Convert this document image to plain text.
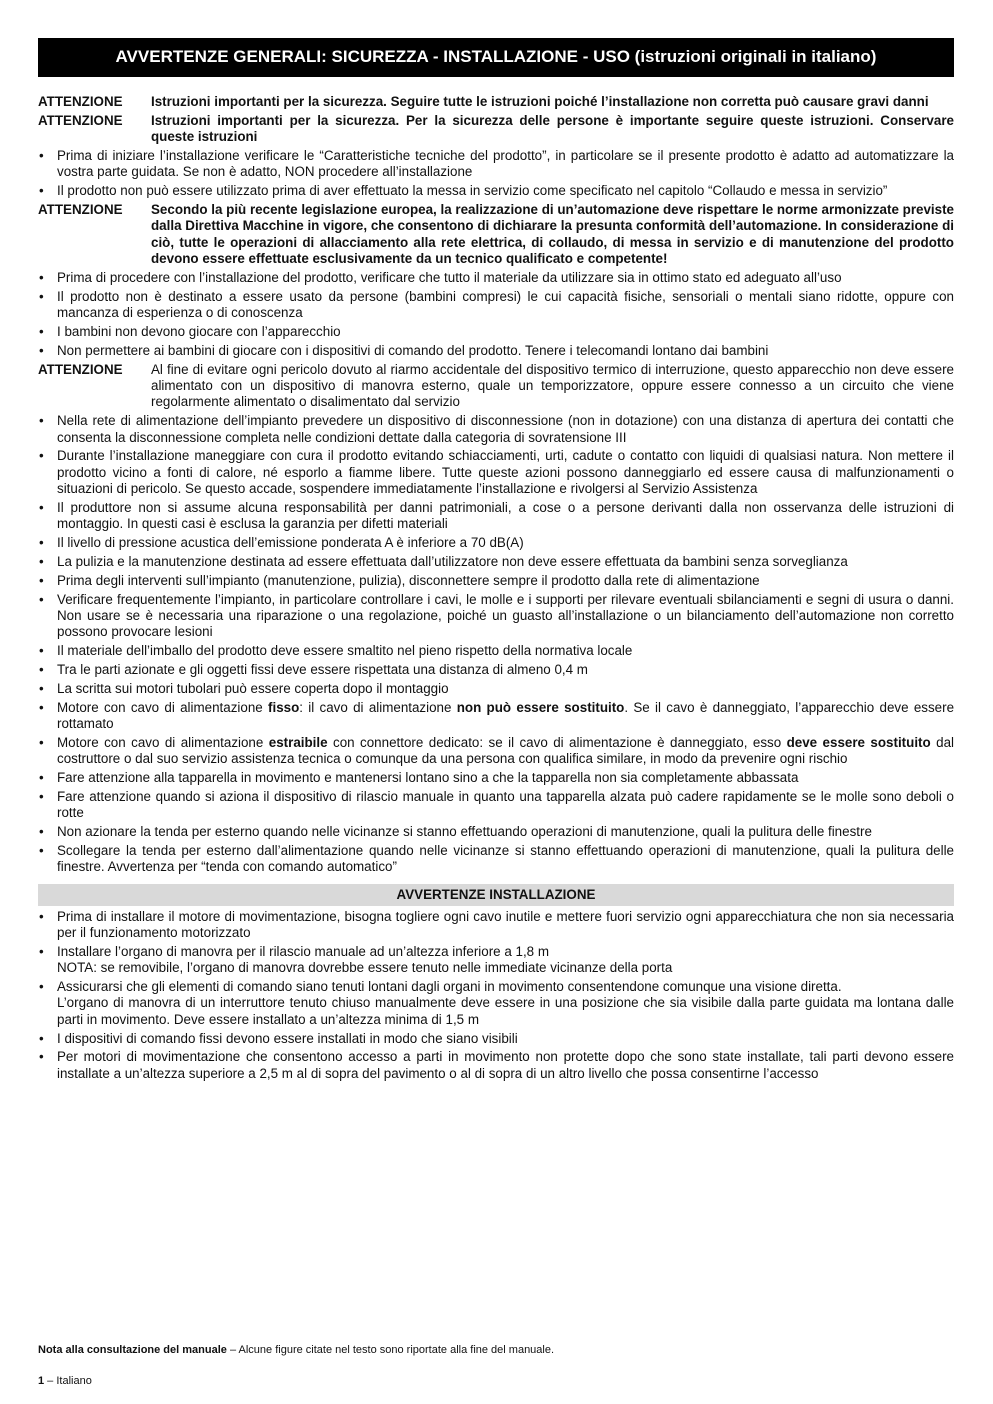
AVVERTENZE GENERALI: SICUREZZA - INSTALLAZIONE - USO (istruzioni originali in italiano)
ATTENZIONE	Istruzioni importanti per la sicurezza. Seguire tutte le istruzioni poiché l’installazione non corretta può causare gravi danni
ATTENZIONE	Istruzioni importanti per la sicurezza. Per la sicurezza delle persone è importante seguire queste istruzioni. Conservare queste istruzioni
• Prima di iniziare l’installazione verificare le “Caratteristiche tecniche del prodotto”, in particolare se il presente prodotto è adatto ad automatizzare la vostra parte guidata. Se non è adatto, NON procedere all’installazione
• Il prodotto non può essere utilizzato prima di aver effettuato la messa in servizio come specificato nel capitolo “Collaudo e messa in servizio”
ATTENZIONE	Secondo la più recente legislazione europea, la realizzazione di un’automazione deve rispettare le norme armonizzate previste dalla Direttiva Macchine in vigore, che consentono di dichiarare la presunta conformità dell’automazione. In considerazione di ciò, tutte le operazioni di allacciamento alla rete elettrica, di collaudo, di messa in servizio e di manutenzione del prodotto devono essere effettuate esclusivamente da un tecnico qualificato e competente!
• Prima di procedere con l’installazione del prodotto, verificare che tutto il materiale da utilizzare sia in ottimo stato ed adeguato all’uso
• Il prodotto non è destinato a essere usato da persone (bambini compresi) le cui capacità fisiche, sensoriali o mentali siano ridotte, oppure con mancanza di esperienza o di conoscenza
• I bambini non devono giocare con l’apparecchio
• Non permettere ai bambini di giocare con i dispositivi di comando del prodotto. Tenere i telecomandi lontano dai bambini
ATTENZIONE	Al fine di evitare ogni pericolo dovuto al riarmo accidentale del dispositivo termico di interruzione, questo apparecchio non deve essere alimentato con un dispositivo di manovra esterno, quale un temporizzatore, oppure essere connesso a un circuito che viene regolarmente alimentato o disalimentato dal servizio
• Nella rete di alimentazione dell’impianto prevedere un dispositivo di disconnessione (non in dotazione) con una distanza di apertura dei contatti che consenta la disconnessione completa nelle condizioni dettate dalla categoria di sovratensione III
• Durante l’installazione maneggiare con cura il prodotto evitando schiacciamenti, urti, cadute o contatto con liquidi di qualsiasi natura. Non mettere il prodotto vicino a fonti di calore, né esporlo a fiamme libere. Tutte queste azioni possono danneggiarlo ed essere causa di malfunzionamenti o situazioni di pericolo. Se questo accade, sospendere immediatamente l’installazione e rivolgersi al Servizio Assistenza
• Il produttore non si assume alcuna responsabilità per danni patrimoniali, a cose o a persone derivanti dalla non osservanza delle istruzioni di montaggio. In questi casi è esclusa la garanzia per difetti materiali
• Il livello di pressione acustica dell’emissione ponderata A è inferiore a 70 dB(A)
• La pulizia e la manutenzione destinata ad essere effettuata dall’utilizzatore non deve essere effettuata da bambini senza sorveglianza
• Prima degli interventi sull’impianto (manutenzione, pulizia), disconnettere sempre il prodotto dalla rete di alimentazione
• Verificare frequentemente l’impianto, in particolare controllare i cavi, le molle e i supporti per rilevare eventuali sbilanciamenti e segni di usura o danni. Non usare se è necessaria una riparazione o una regolazione, poiché un guasto all’installazione o un bilanciamento dell’automazione non corretto possono provocare lesioni
• Il materiale dell’imballo del prodotto deve essere smaltito nel pieno rispetto della normativa locale
• Tra le parti azionate e gli oggetti fissi deve essere rispettata una distanza di almeno 0,4 m
• La scritta sui motori tubolari può essere coperta dopo il montaggio
• Motore con cavo di alimentazione fisso: il cavo di alimentazione non può essere sostituito. Se il cavo è danneggiato, l’apparecchio deve essere rottamato
• Motore con cavo di alimentazione estraibile con connettore dedicato: se il cavo di alimentazione è danneggiato, esso deve essere sostituito dal costruttore o dal suo servizio assistenza tecnica o comunque da una persona con qualifica similare, in modo da prevenire ogni rischio
• Fare attenzione alla tapparella in movimento e mantenersi lontano sino a che la tapparella non sia completamente abbassata
• Fare attenzione quando si aziona il dispositivo di rilascio manuale in quanto una tapparella alzata può cadere rapidamente se le molle sono deboli o rotte
• Non azionare la tenda per esterno quando nelle vicinanze si stanno effettuando operazioni di manutenzione, quali la pulitura delle finestre
• Scollegare la tenda per esterno dall’alimentazione quando nelle vicinanze si stanno effettuando operazioni di manutenzione, quali la pulitura delle finestre. Avvertenza per “tenda con comando automatico”
AVVERTENZE INSTALLAZIONE
• Prima di installare il motore di movimentazione, bisogna togliere ogni cavo inutile e mettere fuori servizio ogni apparecchiatura che non sia necessaria per il funzionamento motorizzato
• Installare l’organo di manovra per il rilascio manuale ad un’altezza inferiore a 1,8 m
NOTA: se removibile, l’organo di manovra dovrebbe essere tenuto nelle immediate vicinanze della porta
• Assicurarsi che gli elementi di comando siano tenuti lontani dagli organi in movimento consentendone comunque una visione diretta.
L’organo di manovra di un interruttore tenuto chiuso manualmente deve essere in una posizione che sia visibile dalla parte guidata ma lontana dalle parti in movimento. Deve essere installato a un’altezza minima di 1,5 m
• I dispositivi di comando fissi devono essere installati in modo che siano visibili
• Per motori di movimentazione che consentono accesso a parti in movimento non protette dopo che sono state installate, tali parti devono essere installate a un’altezza superiore a 2,5 m al di sopra del pavimento o al di sopra di un altro livello che possa consentirne l’accesso
Nota alla consultazione del manuale – Alcune figure citate nel testo sono riportate alla fine del manuale.
1 – Italiano
